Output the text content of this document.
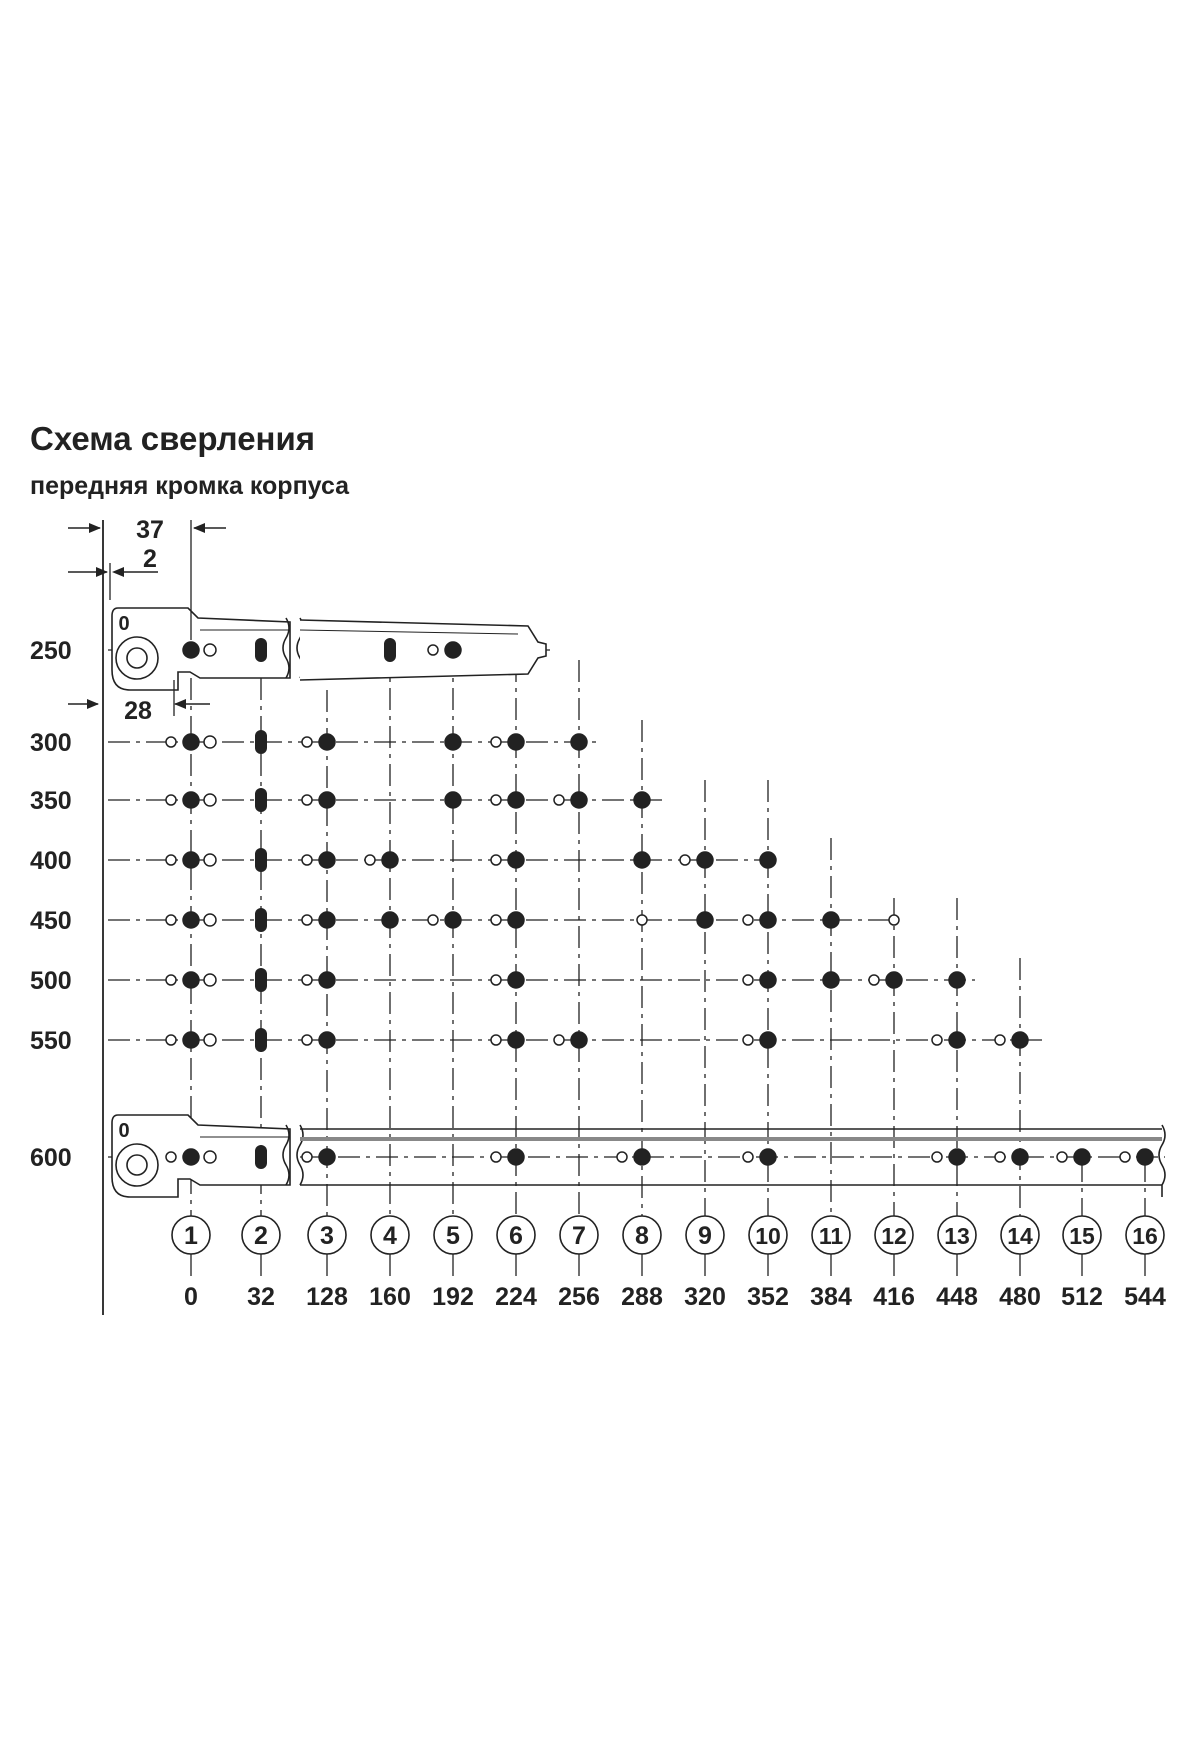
0
0
250
300
350
400
450
500
550
600
1
0
2
32
3
128
4
160
5
192
6
224
7
256
8
288
9
320
10
352
11
384
12
416
13
448
14
480
15
512
16
544
37
2
28
Схема сверления
передняя кромка корпуса
